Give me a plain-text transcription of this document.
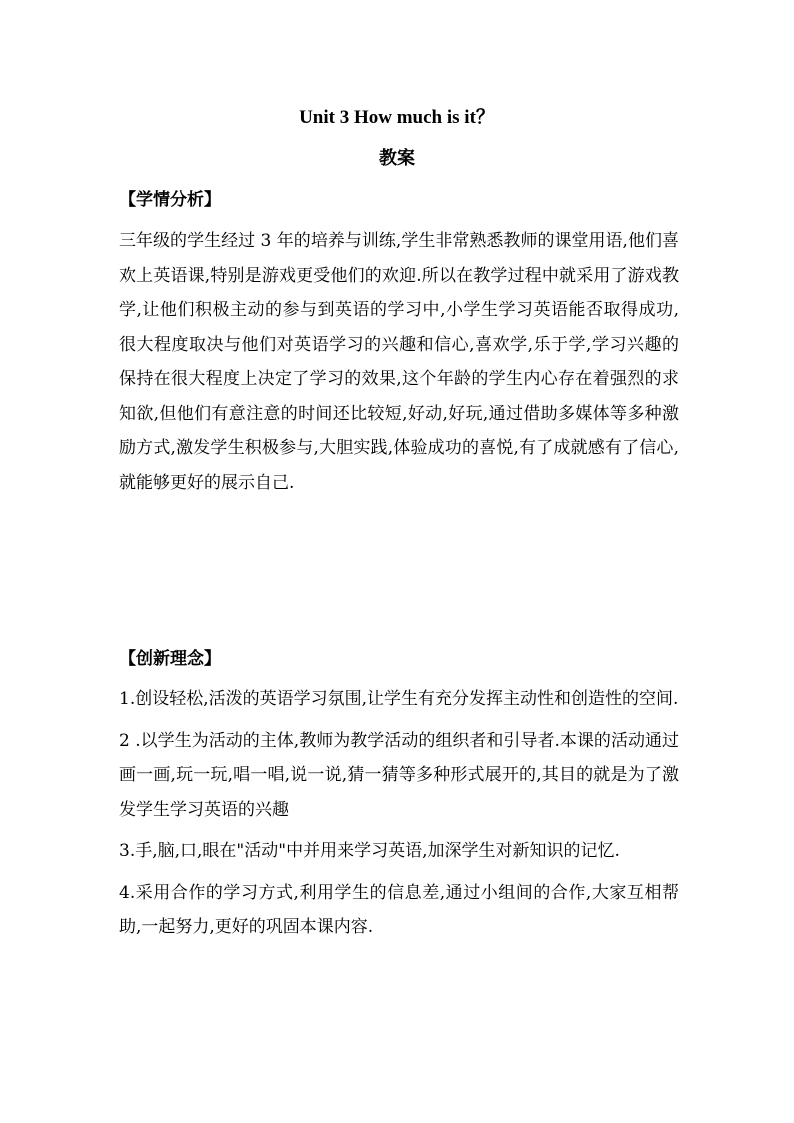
Unit 3 How much is it？
教案
【学情分析】

三年级的学生经过 3 年的培养与训练,学生非常熟悉教师的课堂用语,他们喜欢上英语课,特别是游戏更受他们的欢迎.所以在教学过程中就采用了游戏教学,让他们积极主动的参与到英语的学习中,小学生学习英语能否取得成功,很大程度取决与他们对英语学习的兴趣和信心,喜欢学,乐于学,学习兴趣的保持在很大程度上决定了学习的效果,这个年龄的学生内心存在着强烈的求知欲,但他们有意注意的时间还比较短,好动,好玩,通过借助多媒体等多种激励方式,激发学生积极参与,大胆实践,体验成功的喜悦,有了成就感有了信心,就能够更好的展示自己.

【创新理念】
1.创设轻松,活泼的英语学习氛围,让学生有充分发挥主动性和创造性的空间.
2 .以学生为活动的主体,教师为教学活动的组织者和引导者.本课的活动通过画一画,玩一玩,唱一唱,说一说,猜一猜等多种形式展开的,其目的就是为了激发学生学习英语的兴趣
3.手,脑,口,眼在"活动"中并用来学习英语,加深学生对新知识的记忆.
4.采用合作的学习方式,利用学生的信息差,通过小组间的合作,大家互相帮助,一起努力,更好的巩固本课内容.
